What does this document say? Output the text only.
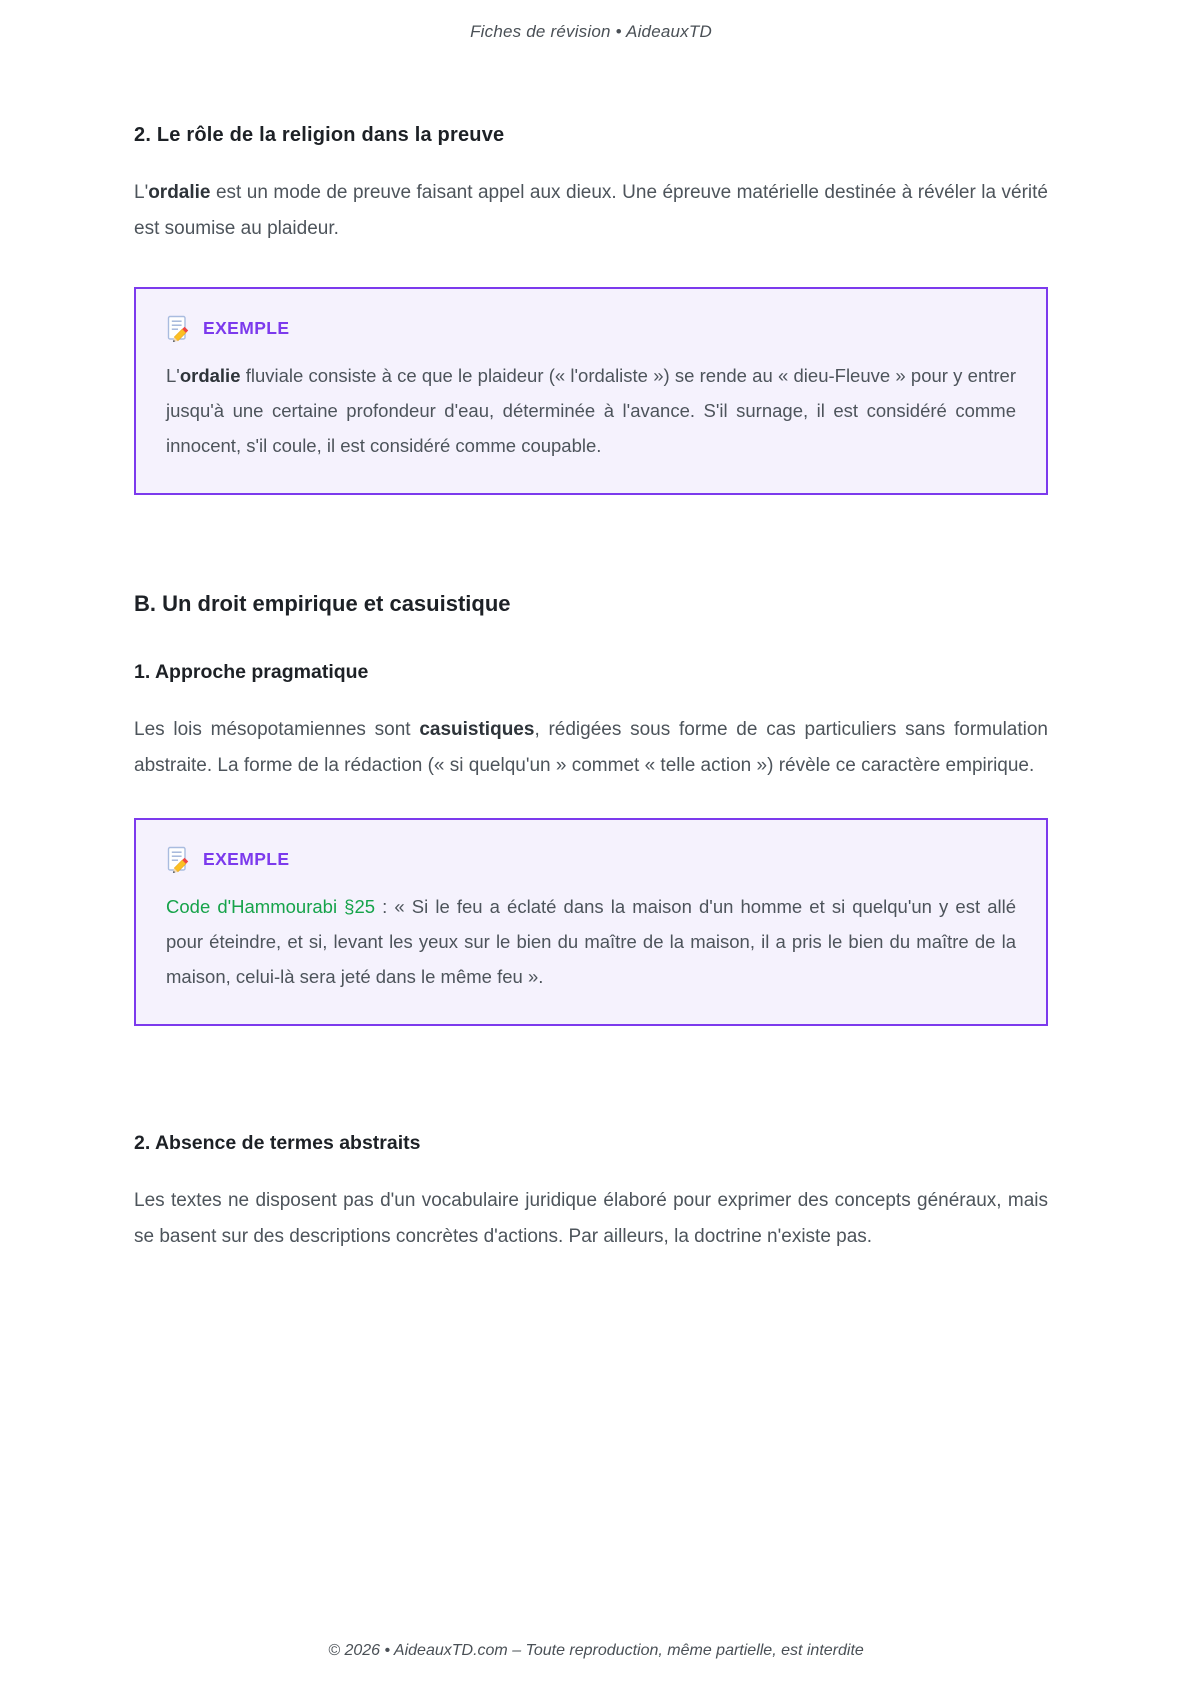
Fiches de révision • AideauxTD
2. Le rôle de la religion dans la preuve
L'ordalie est un mode de preuve faisant appel aux dieux. Une épreuve matérielle destinée à révéler la vérité est soumise au plaideur.
EXEMPLE
L'ordalie fluviale consiste à ce que le plaideur (« l'ordaliste ») se rende au « dieu-Fleuve » pour y entrer jusqu'à une certaine profondeur d'eau, déterminée à l'avance. S'il surnage, il est considéré comme innocent, s'il coule, il est considéré comme coupable.
B. Un droit empirique et casuistique
1. Approche pragmatique
Les lois mésopotamiennes sont casuistiques, rédigées sous forme de cas particuliers sans formulation abstraite. La forme de la rédaction (« si quelqu'un » commet « telle action ») révèle ce caractère empirique.
EXEMPLE
Code d'Hammourabi §25 : « Si le feu a éclaté dans la maison d'un homme et si quelqu'un y est allé pour éteindre, et si, levant les yeux sur le bien du maître de la maison, il a pris le bien du maître de la maison, celui-là sera jeté dans le même feu ».
2. Absence de termes abstraits
Les textes ne disposent pas d'un vocabulaire juridique élaboré pour exprimer des concepts généraux, mais se basent sur des descriptions concrètes d'actions. Par ailleurs, la doctrine n'existe pas.
© 2026 • AideauxTD.com – Toute reproduction, même partielle, est interdite
